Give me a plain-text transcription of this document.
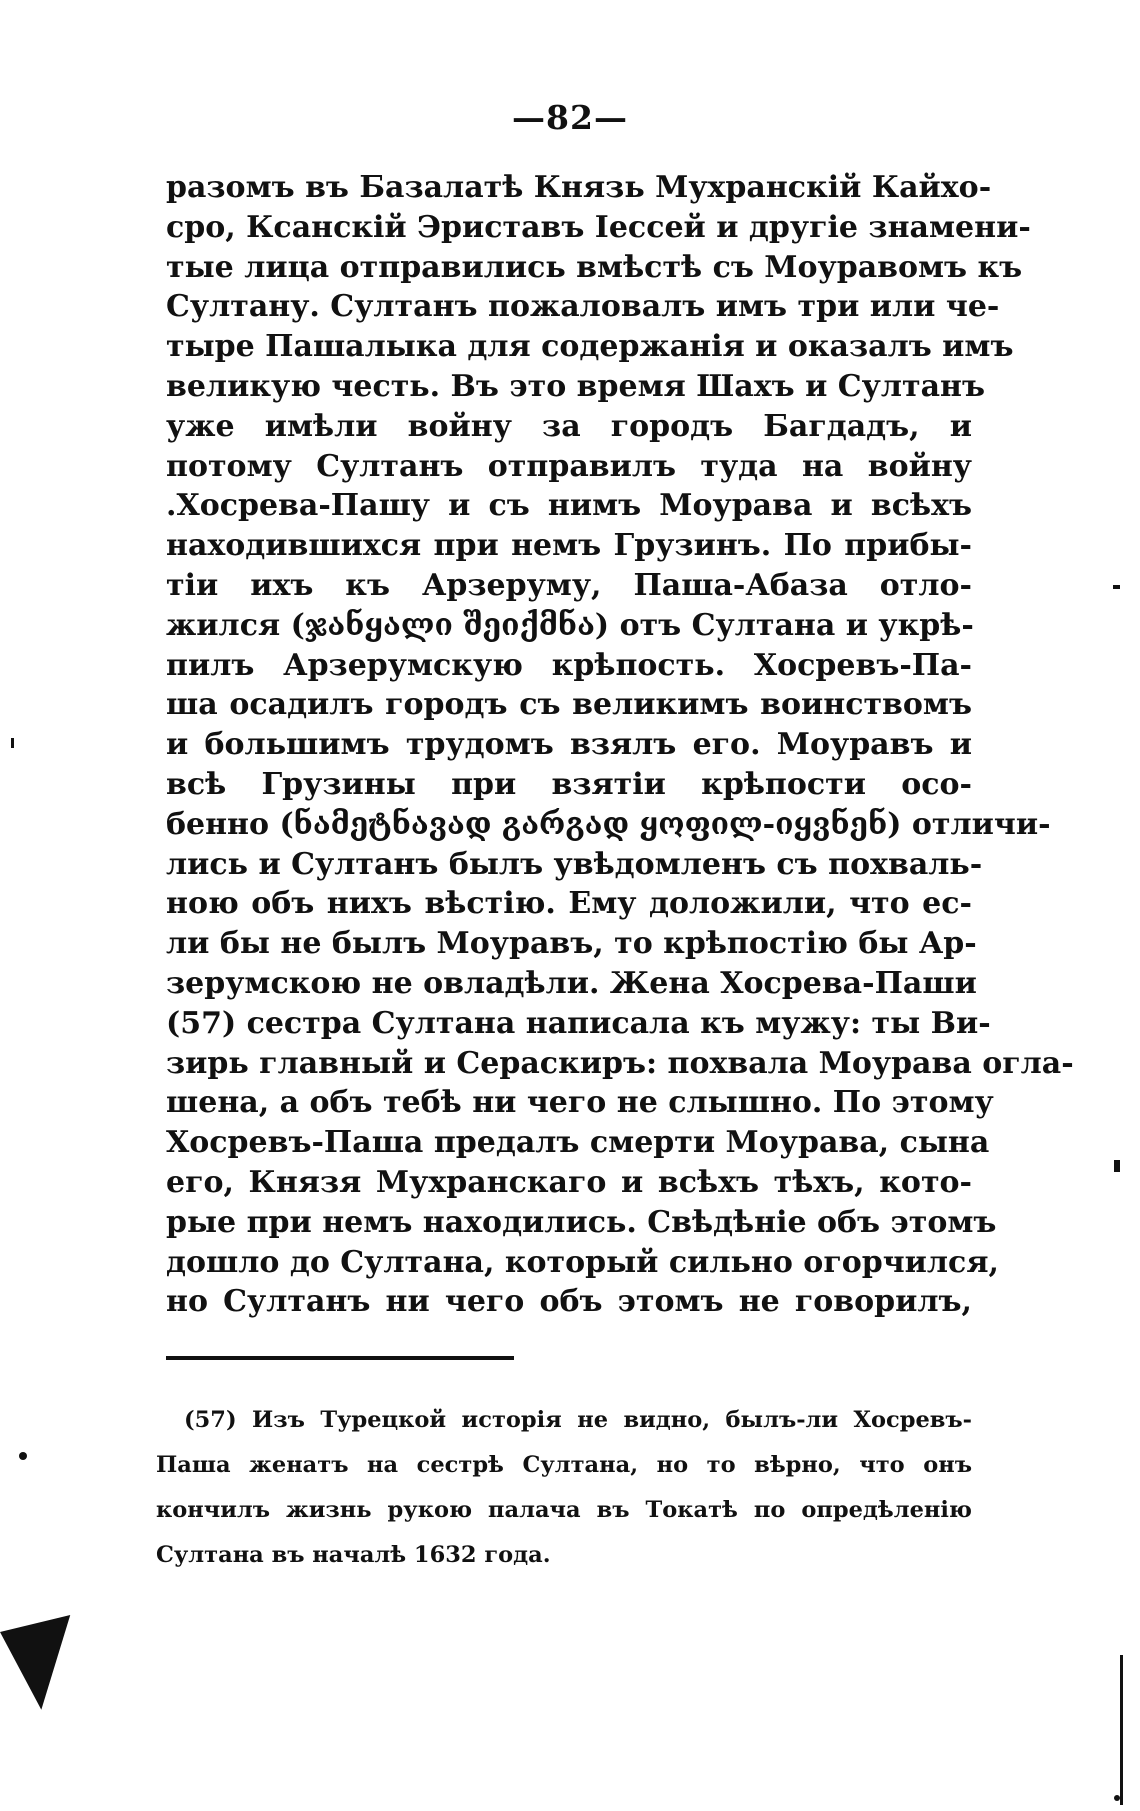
—82—
разомъ въ Базалатѣ Князь Мухранскій Кайхо-
сро, Ксанскій Эриставъ Іессей и другіе знамени-
тые лица отправились вмѣстѣ съ Моуравомъ къ
Султану. Султанъ пожаловалъ имъ три или че-
тыре Пашалыка для содержанія и оказалъ имъ
великую честь. Въ это время Шахъ и Султанъ
уже имѣли войну за городъ Багдадъ, и
потому Султанъ отправилъ туда на войну
.Хосрева-Пашу и съ нимъ Моурава и всѣхъ
находившихся при немъ Грузинъ. По прибы-
тіи ихъ къ Арзеруму, Паша-Абаза отло-
жился (ჯანყალი შეიქმნა) отъ Султана и укрѣ-
пилъ Арзерумскую крѣпость. Хосревъ-Па-
ша осадилъ городъ съ великимъ воинствомъ
и большимъ трудомъ взялъ его. Моуравъ и
всѣ Грузины при взятіи крѣпости осо-
бенно (ნამეტნავად გარგად ყოფილ-იყვნენ) отличи-
лись и Султанъ былъ увѣдомленъ съ похваль-
ною объ нихъ вѣстію. Ему доложили, что ес-
ли бы не былъ Моуравъ, то крѣпостію бы Ар-
зерумскою не овладѣли. Жена Хосрева-Паши
(57) сестра Султана написала къ мужу: ты Ви-
зирь главный и Сераскиръ: похвала Моурава огла-
шена, а объ тебѣ ни чего не слышно. По этому
Хосревъ-Паша предалъ смерти Моурава, сына
его, Князя Мухранскаго и всѣхъ тѣхъ, кото-
рые при немъ находились. Свѣдѣніе объ этомъ
дошло до Султана, который сильно огорчился,
но Султанъ ни чего объ этомъ не говорилъ,
(57) Изъ Турецкой исторія не видно, былъ-ли Хосревъ-
Паша женатъ на сестрѣ Султана, но то вѣрно, что онъ
кончилъ жизнь рукою палача въ Токатѣ по опредѣленію
Султана въ началѣ 1632 года.
